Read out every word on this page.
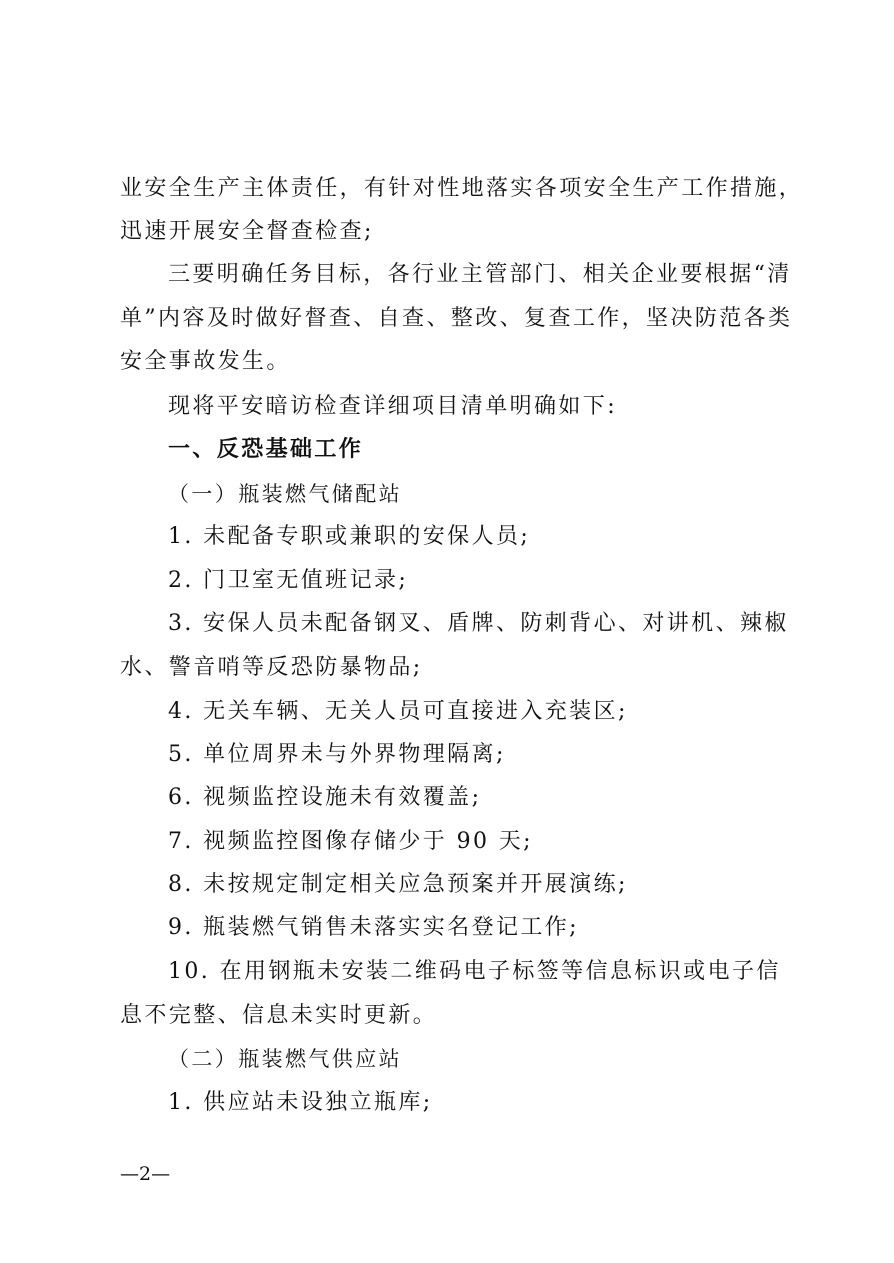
业安全生产主体责任，有针对性地落实各项安全生产工作措施，
迅速开展安全督查检查;
三要明确任务目标，各行业主管部门、相关企业要根据“清
单”内容及时做好督查、自查、整改、复查工作，坚决防范各类
安全事故发生。
现将平安暗访检查详细项目清单明确如下:
一、反恐基础工作
（一）瓶装燃气储配站
1. 未配备专职或兼职的安保人员;
2. 门卫室无值班记录;
3. 安保人员未配备钢叉、盾牌、防刺背心、对讲机、辣椒
水、警音哨等反恐防暴物品;
4. 无关车辆、无关人员可直接进入充装区;
5. 单位周界未与外界物理隔离;
6. 视频监控设施未有效覆盖;
7. 视频监控图像存储少于 90 天;
8. 未按规定制定相关应急预案并开展演练;
9. 瓶装燃气销售未落实实名登记工作;
10. 在用钢瓶未安装二维码电子标签等信息标识或电子信
息不完整、信息未实时更新。
（二）瓶装燃气供应站
1. 供应站未设独立瓶库;
—2—
